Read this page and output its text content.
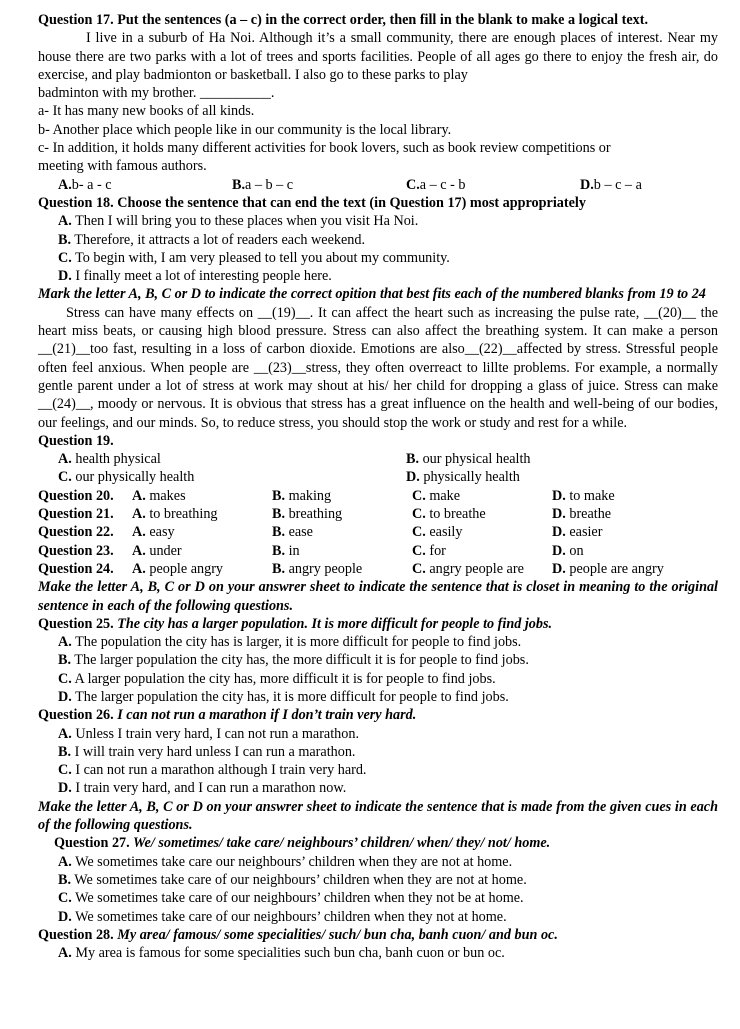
Question 17. Put the sentences (a – c) in the correct order, then fill in the blank to make a logical text.
I live in a suburb of Ha Noi. Although it’s a small community, there are enough places of interest. Near my house there are two parks with a lot of trees and sports facilities. People of all ages go there to enjoy the fresh air, do exercise, and play badmionton or basketball. I also go to these parks to play
badminton with my brother. __________.
a- It has many new books of all kinds.
b- Another place which people like in our community is the local library.
c- In addition, it holds many different activities for book lovers, such as book review competitions or
meeting with famous authors.
A.b- a - c	B.a – b – c	C.a – c - b	D.b – c – a
Question 18. Choose the sentence that can end the text (in Question 17) most appropriately
A. Then I will bring you to these places when you visit Ha Noi.
B. Therefore, it attracts a lot of readers each weekend.
C. To begin with, I am very pleased to tell you about my community.
D. I finally meet a lot of interesting people here.
Mark the letter A, B, C or D to indicate the correct opition that best fits each of the numbered blanks from 19 to 24
Stress can have many effects on __(19)__. It can affect the heart such as increasing the pulse rate, __(20)__ the heart miss beats, or causing high blood pressure. Stress can also affect the breathing system. It can make a person __(21)__too fast, resulting in a loss of carbon dioxide. Emotions are also__(22)__affected by stress. Stressful people often feel anxious. When people are __(23)__stress, they often overreact to lillte problems. For example, a normally gentle parent under a lot of stress at work may shout at his/ her child for dropping a glass of juice. Stress can make __(24)__, moody or nervous. It is obvious that stress has a great influence on the health and well-being of our bodies, our feelings, and our minds. So, to reduce stress, you should stop the work or study and rest for a while.
Question 19.
A. health physical	B. our physical health
C. our physically health	D. physically health
Question 20.	A. makes	B. making	C. make	D. to make
Question 21.	A. to breathing	B. breathing	C. to breathe	D. breathe
Question 22.	A. easy	B. ease	C. easily	D. easier
Question 23.	A. under	B. in	C. for	D. on
Question 24.	A. people angry	B. angry people	C. angry people are	D. people are angry
Make the letter A, B, C or D on your answrer sheet to indicate the sentence that is closet in meaning to the original sentence in each of the following questions.
Question 25. The city has a larger population. It is more difficult for people to find jobs.
A. The population the city has is larger, it is more difficult for people to find jobs.
B. The larger population the city has, the more difficult it is for people to find jobs.
C. A larger population the city has, more difficult it is for people to find jobs.
D. The larger population the city has, it is more difficult for people to find jobs.
Question 26. I can not run a marathon if I don’t train very hard.
A. Unless I train very hard, I can not run a marathon.
B. I will train very hard unless I can run a marathon.
C. I can not run a marathon although I train very hard.
D. I train very hard, and I can run a marathon now.
Make the letter A, B, C or D on your answrer sheet to indicate the sentence that is made from the given cues in each of the following questions.
Question 27. We/ sometimes/ take care/ neighbours’ children/ when/ they/ not/ home.
A. We sometimes take care our neighbours’ children when they are not at home.
B. We sometimes take care of our neighbours’ children when they are not at home.
C. We sometimes take care of our neighbours’ children when they not be at home.
D. We sometimes take care of our neighbours’ children when they not at home.
Question 28. My area/ famous/ some specialities/ such/ bun cha, banh cuon/ and bun oc.
A. My area is famous for some specialities such bun cha, banh cuon or bun oc.
